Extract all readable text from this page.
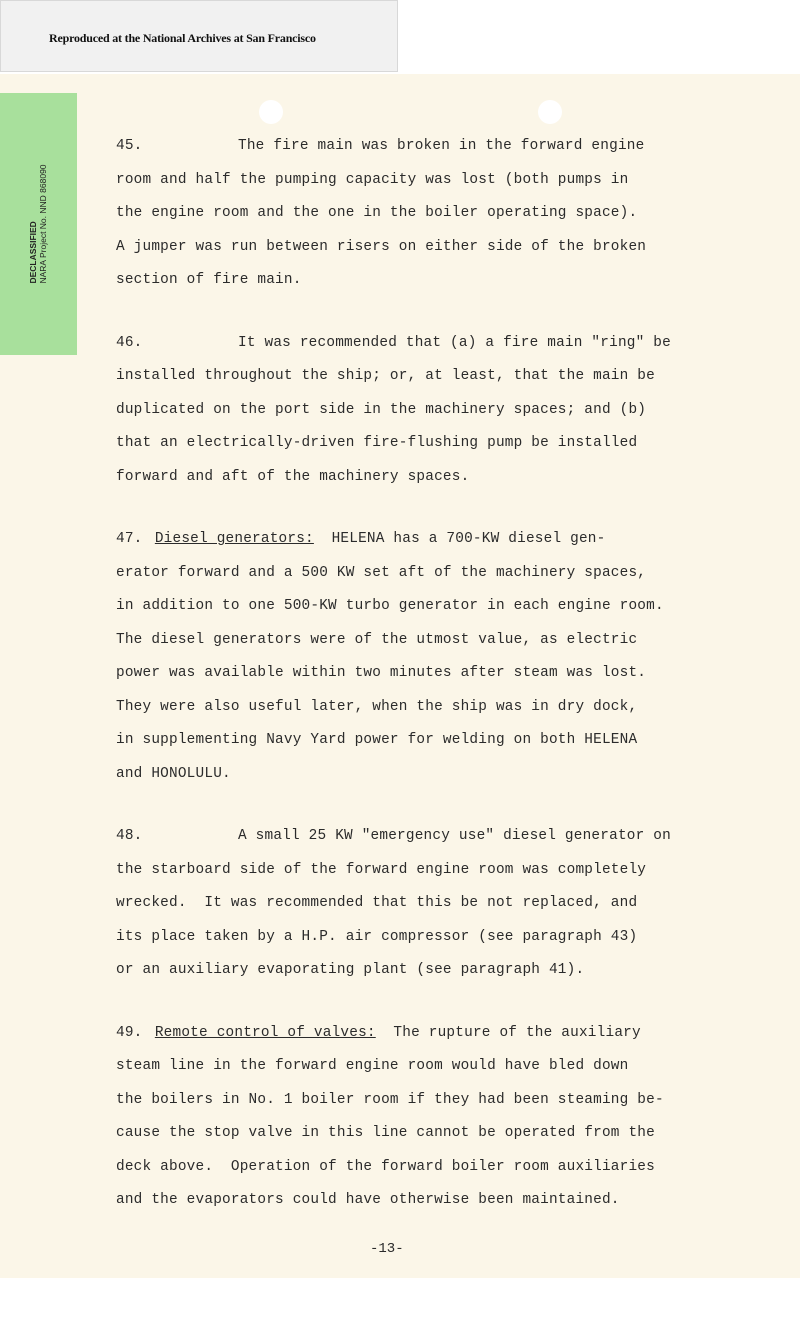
Reproduced at the National Archives at San Francisco
DECLASSIFIED NARA Project No. NND 868090
45.	The fire main was broken in the forward engine
room and half the pumping capacity was lost (both pumps in
the engine room and the one in the boiler operating space).
A jumper was run between risers on either side of the broken
section of fire main.
46.	It was recommended that (a) a fire main "ring" be
installed throughout the ship; or, at least, that the main be
duplicated on the port side in the machinery spaces; and (b)
that an electrically-driven fire-flushing pump be installed
forward and aft of the machinery spaces.
47. Diesel generators: HELENA has a 700-KW diesel gen-
erator forward and a 500 KW set aft of the machinery spaces,
in addition to one 500-KW turbo generator in each engine room.
The diesel generators were of the utmost value, as electric
power was available within two minutes after steam was lost.
They were also useful later, when the ship was in dry dock,
in supplementing Navy Yard power for welding on both HELENA
and HONOLULU.
48.	A small 25 KW "emergency use" diesel generator on
the starboard side of the forward engine room was completely
wrecked.  It was recommended that this be not replaced, and
its place taken by a H.P. air compressor (see paragraph 43)
or an auxiliary evaporating plant (see paragraph 41).
49. Remote control of valves: The rupture of the auxiliary
steam line in the forward engine room would have bled down
the boilers in No. 1 boiler room if they had been steaming be-
cause the stop valve in this line cannot be operated from the
deck above.  Operation of the forward boiler room auxiliaries
and the evaporators could have otherwise been maintained.
-13-
